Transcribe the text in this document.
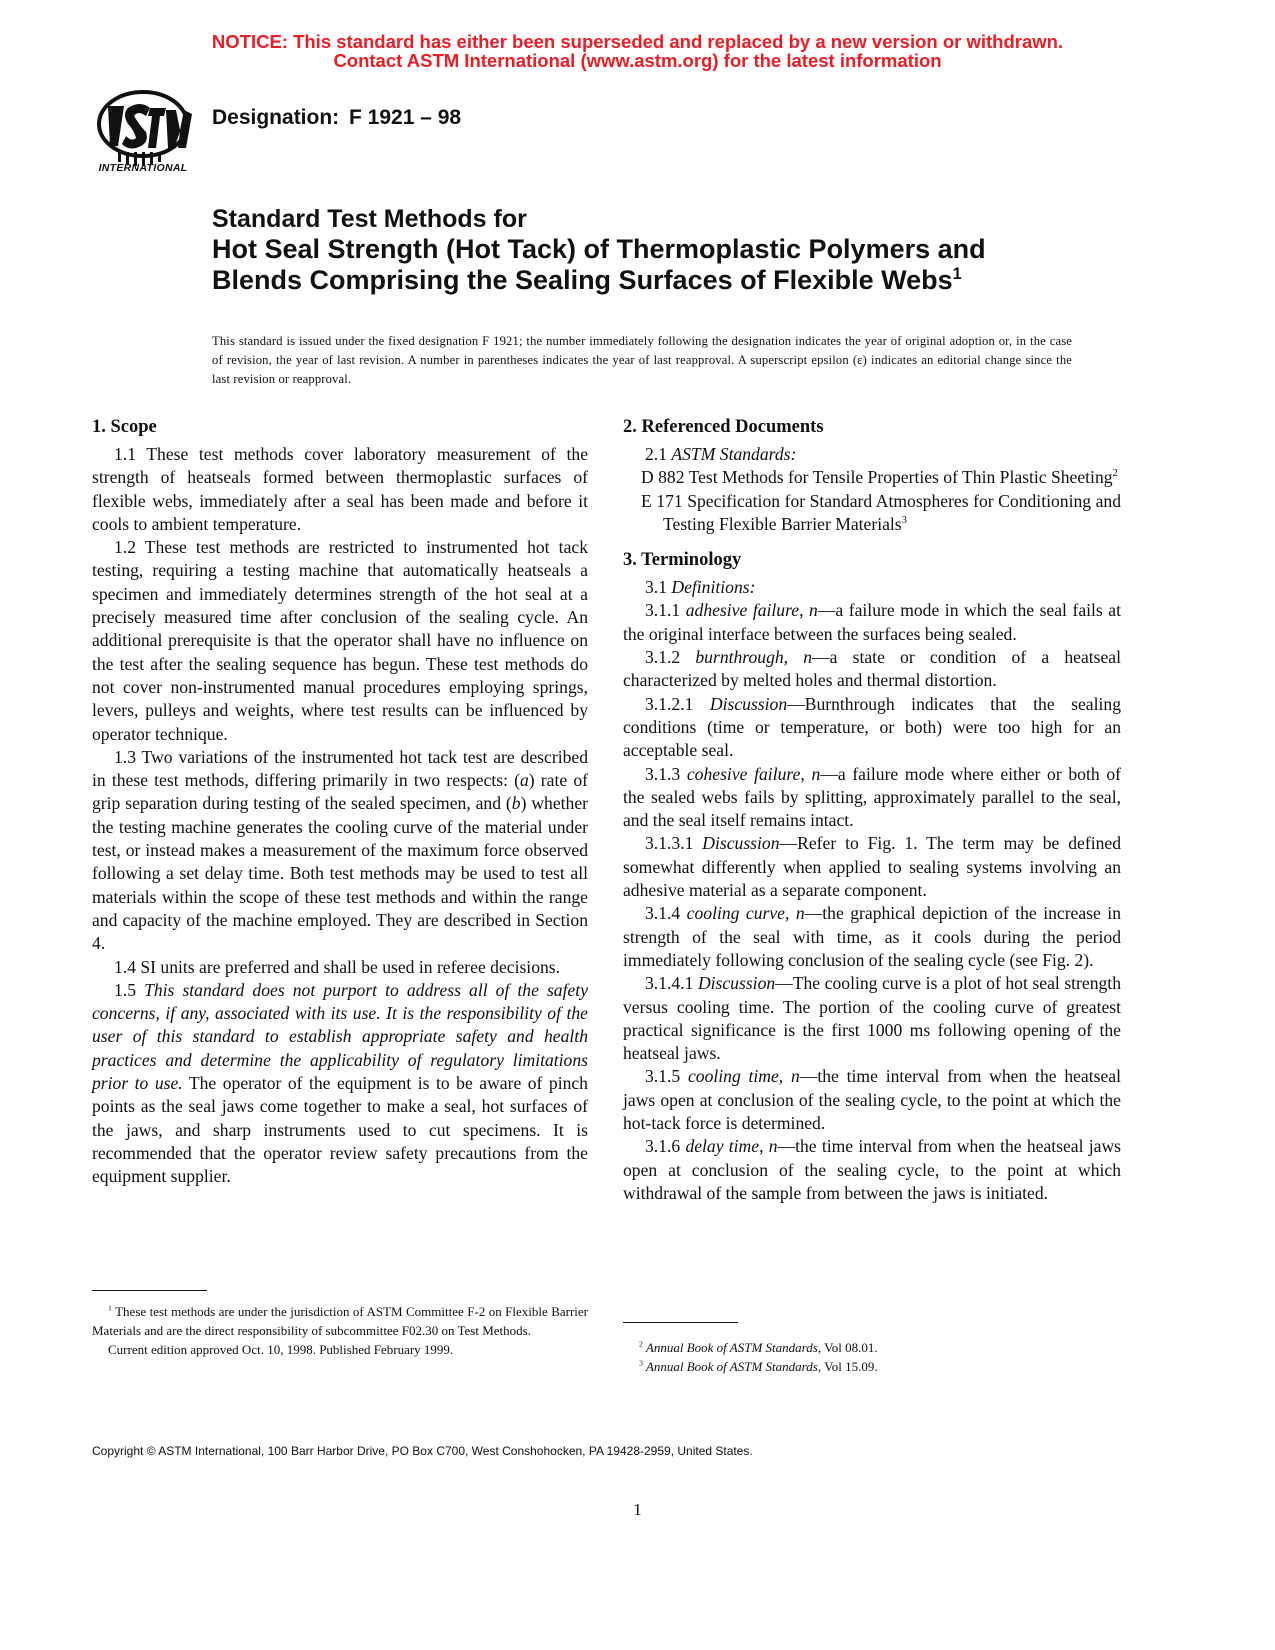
NOTICE: This standard has either been superseded and replaced by a new version or withdrawn.
Contact ASTM International (www.astm.org) for the latest information
INTERNATIONAL
Designation: F 1921 – 98
Standard Test Methods for
Hot Seal Strength (Hot Tack) of Thermoplastic Polymers and
Blends Comprising the Sealing Surfaces of Flexible Webs$^1$
This standard is issued under the fixed designation F 1921; the number immediately following the designation indicates the year of original adoption or, in the case of revision, the year of last revision. A number in parentheses indicates the year of last reapproval. A superscript epsilon (ε) indicates an editorial change since the last revision or reapproval.
1. Scope

1.1 These test methods cover laboratory measurement of the strength of heatseals formed between thermoplastic surfaces of flexible webs, immediately after a seal has been made and before it cools to ambient temperature.

1.2 These test methods are restricted to instrumented hot tack testing, requiring a testing machine that automatically heatseals a specimen and immediately determines strength of the hot seal at a precisely measured time after conclusion of the sealing cycle. An additional prerequisite is that the operator shall have no influence on the test after the sealing sequence has begun. These test methods do not cover non-instrumented manual procedures employing springs, levers, pulleys and weights, where test results can be influenced by operator technique.

1.3 Two variations of the instrumented hot tack test are described in these test methods, differing primarily in two respects: (a) rate of grip separation during testing of the sealed specimen, and (b) whether the testing machine generates the cooling curve of the material under test, or instead makes a measurement of the maximum force observed following a set delay time. Both test methods may be used to test all materials within the scope of these test methods and within the range and capacity of the machine employed. They are described in Section 4.

1.4 SI units are preferred and shall be used in referee decisions.

1.5 This standard does not purport to address all of the safety concerns, if any, associated with its use. It is the responsibility of the user of this standard to establish appropriate safety and health practices and determine the applicability of regulatory limitations prior to use. The operator of the equipment is to be aware of pinch points as the seal jaws come together to make a seal, hot surfaces of the jaws, and sharp instruments used to cut specimens. It is recommended that the operator review safety precautions from the equipment supplier.

2. Referenced Documents

2.1 ASTM Standards:

D 882 Test Methods for Tensile Properties of Thin Plastic Sheeting$^2$

E 171 Specification for Standard Atmospheres for Conditioning and Testing Flexible Barrier Materials$^3$

3. Terminology

3.1 Definitions:

3.1.1 adhesive failure, n—a failure mode in which the seal fails at the original interface between the surfaces being sealed.

3.1.2 burnthrough, n—a state or condition of a heatseal characterized by melted holes and thermal distortion.

3.1.2.1 Discussion—Burnthrough indicates that the sealing conditions (time or temperature, or both) were too high for an acceptable seal.

3.1.3 cohesive failure, n—a failure mode where either or both of the sealed webs fails by splitting, approximately parallel to the seal, and the seal itself remains intact.

3.1.3.1 Discussion—Refer to Fig. 1. The term may be defined somewhat differently when applied to sealing systems involving an adhesive material as a separate component.

3.1.4 cooling curve, n—the graphical depiction of the increase in strength of the seal with time, as it cools during the period immediately following conclusion of the sealing cycle (see Fig. 2).

3.1.4.1 Discussion—The cooling curve is a plot of hot seal strength versus cooling time. The portion of the cooling curve of greatest practical significance is the first 1000 ms following opening of the heatseal jaws.

3.1.5 cooling time, n—the time interval from when the heatseal jaws open at conclusion of the sealing cycle, to the point at which the hot-tack force is determined.

3.1.6 delay time, n—the time interval from when the heatseal jaws open at conclusion of the sealing cycle, to the point at which withdrawal of the sample from between the jaws is initiated.

$^1$ These test methods are under the jurisdiction of ASTM Committee F-2 on Flexible Barrier Materials and are the direct responsibility of subcommittee F02.30 on Test Methods.

Current edition approved Oct. 10, 1998. Published February 1999.	$^2$ Annual Book of ASTM Standards, Vol 08.01.

$^3$ Annual Book of ASTM Standards, Vol 15.09.

Copyright © ASTM International, 100 Barr Harbor Drive, PO Box C700, West Conshohocken, PA 19428-2959, United States.
1
